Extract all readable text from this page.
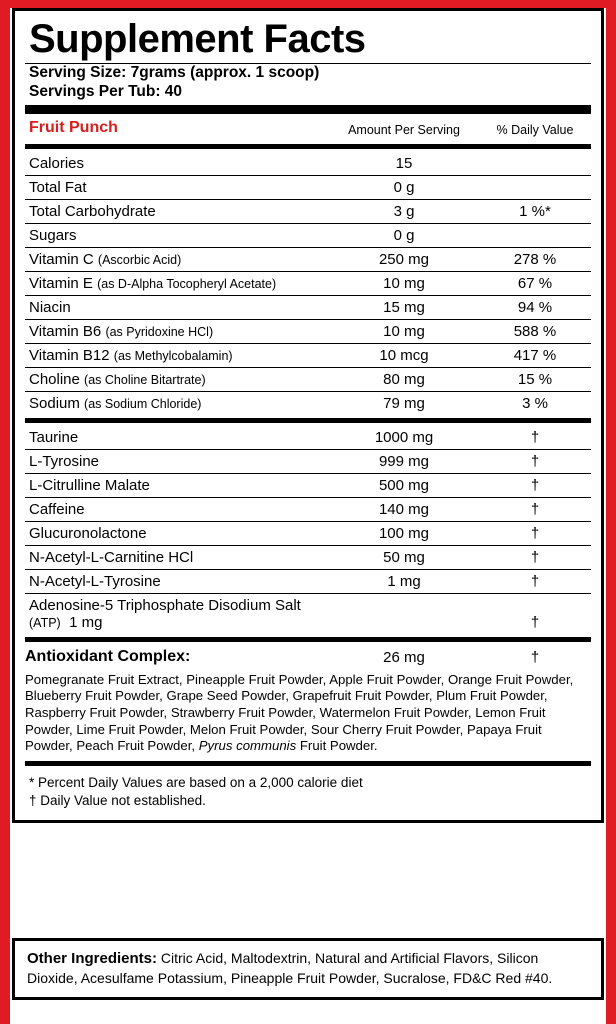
Supplement Facts
Serving Size: 7grams (approx. 1 scoop)
Servings Per Tub: 40
Fruit Punch	Amount Per Serving	% Daily Value
Calories	15	
Total Fat	0 g	
Total Carbohydrate	3 g	1 %*
Sugars	0 g	
Vitamin C (Ascorbic Acid)	250 mg	278 %
Vitamin E (as D-Alpha Tocopheryl Acetate)	10 mg	67 %
Niacin	15 mg	94 %
Vitamin B6 (as Pyridoxine HCl)	10 mg	588 %
Vitamin B12 (as Methylcobalamin)	10 mcg	417 %
Choline (as Choline Bitartrate)	80 mg	15 %
Sodium (as Sodium Chloride)	79 mg	3 %
Taurine	1000 mg	†
L-Tyrosine	999 mg	†
L-Citrulline Malate	500 mg	†
Caffeine	140 mg	†
Glucuronolactone	100 mg	†
N-Acetyl-L-Carnitine HCl	50 mg	†
N-Acetyl-L-Tyrosine	1 mg	†
Adenosine-5 Triphosphate Disodium Salt (ATP) 1 mg		†
Antioxidant Complex:	26 mg	†
Pomegranate Fruit Extract, Pineapple Fruit Powder, Apple Fruit Powder, Orange Fruit Powder, Blueberry Fruit Powder, Grape Seed Powder, Grapefruit Fruit Powder, Plum Fruit Powder, Raspberry Fruit Powder, Strawberry Fruit Powder, Watermelon Fruit Powder, Lemon Fruit Powder, Lime Fruit Powder, Melon Fruit Powder, Sour Cherry Fruit Powder, Papaya Fruit Powder, Peach Fruit Powder, Pyrus communis Fruit Powder.
* Percent Daily Values are based on a 2,000 calorie diet
† Daily Value not established.
Other Ingredients: Citric Acid, Maltodextrin, Natural and Artificial Flavors, Silicon Dioxide, Acesulfame Potassium, Pineapple Fruit Powder, Sucralose, FD&C Red #40.
